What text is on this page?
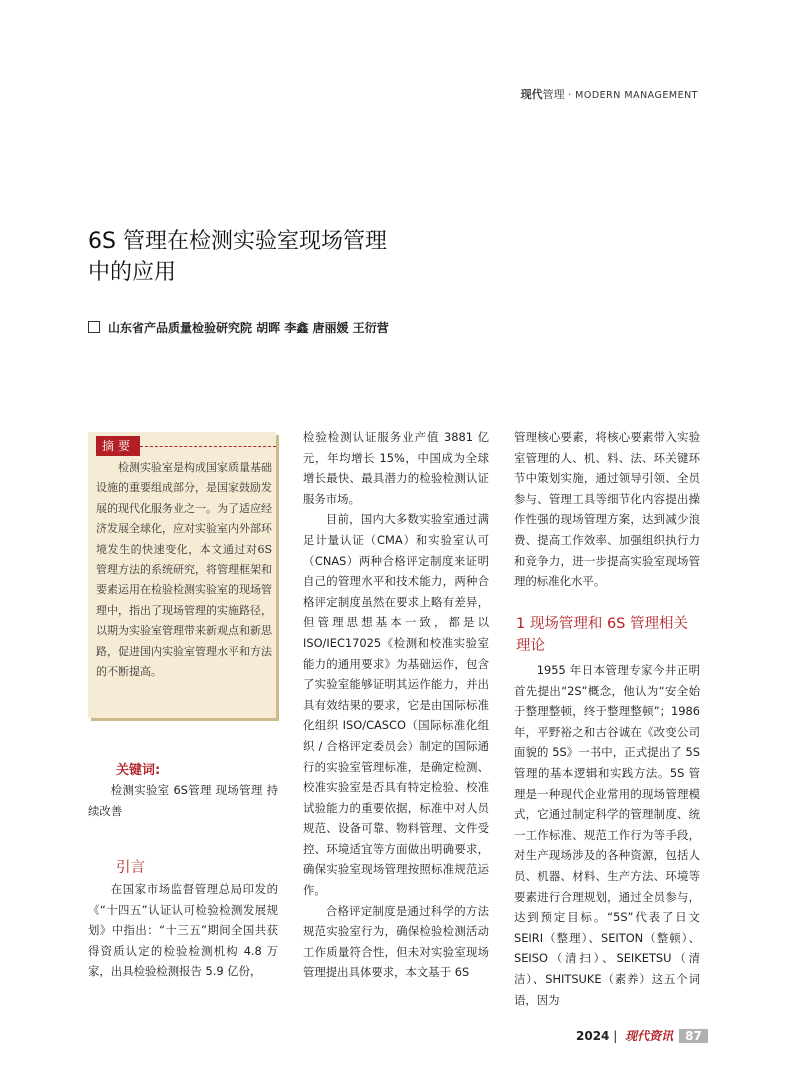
现代管理 · MODERN MANAGEMENT
6S 管理在检测实验室现场管理
中的应用
山东省产品质量检验研究院 胡晖 李鑫 唐丽媛 王衍营
摘要
检测实验室是构成国家质量基础设施的重要组成部分，是国家鼓励发展的现代化服务业之一。为了适应经济发展全球化，应对实验室内外部环境发生的快速变化，本文通过对6S管理方法的系统研究，将管理框架和要素运用在检验检测实验室的现场管理中，指出了现场管理的实施路径，以期为实验室管理带来新观点和新思路，促进国内实验室管理水平和方法的不断提高。
关键词:
检测实验室 6S管理 现场管理 持续改善
引言

在国家市场监督管理总局印发的《“十四五”认证认可检验检测发展规划》中指出：“十三五”期间全国共获得资质认定的检验检测机构 4.8 万家，出具检验检测报告 5.9 亿份，

检验检测认证服务业产值 3881 亿元，年均增长 15%，中国成为全球增长最快、最具潜力的检验检测认证服务市场。

目前，国内大多数实验室通过满足计量认证（CMA）和实验室认可（CNAS）两种合格评定制度来证明自己的管理水平和技术能力，两种合格评定制度虽然在要求上略有差异，但管理思想基本一致，都是以ISO/IEC17025《检测和校准实验室能力的通用要求》为基础运作，包含了实验室能够证明其运作能力，并出具有效结果的要求，它是由国际标准化组织 ISO/CASCO（国际标准化组织 / 合格评定委员会）制定的国际通行的实验室管理标准，是确定检测、校准实验室是否具有特定检验、校准试验能力的重要依据，标准中对人员规范、设备可靠、物料管理、文件受控、环境适宜等方面做出明确要求，确保实验室现场管理按照标准规范运作。

合格评定制度是通过科学的方法规范实验室行为，确保检验检测活动工作质量符合性，但未对实验室现场管理提出具体要求，本文基于 6S

管理核心要素，将核心要素带入实验室管理的人、机、料、法、环关键环节中策划实施，通过领导引领、全员参与、管理工具等细节化内容提出操作性强的现场管理方案，达到减少浪费、提高工作效率、加强组织执行力和竞争力，进一步提高实验室现场管理的标准化水平。

1 现场管理和 6S 管理相关理论

1955 年日本管理专家今井正明首先提出“2S”概念，他认为“安全始于整理整顿，终于整理整顿”；1986 年，平野裕之和古谷诚在《改变公司面貌的 5S》一书中，正式提出了 5S 管理的基本逻辑和实践方法。5S 管理是一种现代企业常用的现场管理模式，它通过制定科学的管理制度、统一工作标准、规范工作行为等手段，对生产现场涉及的各种资源，包括人员、机器、材料、生产方法、环境等要素进行合理规划，通过全员参与，达到预定目标。“5S”代表了日文 SEIRI（整理）、SEITON（整顿）、SEISO（清扫）、SEIKETSU（清洁）、SHITSUKE（素养）这五个词语，因为

2024 | 现代资讯 87
